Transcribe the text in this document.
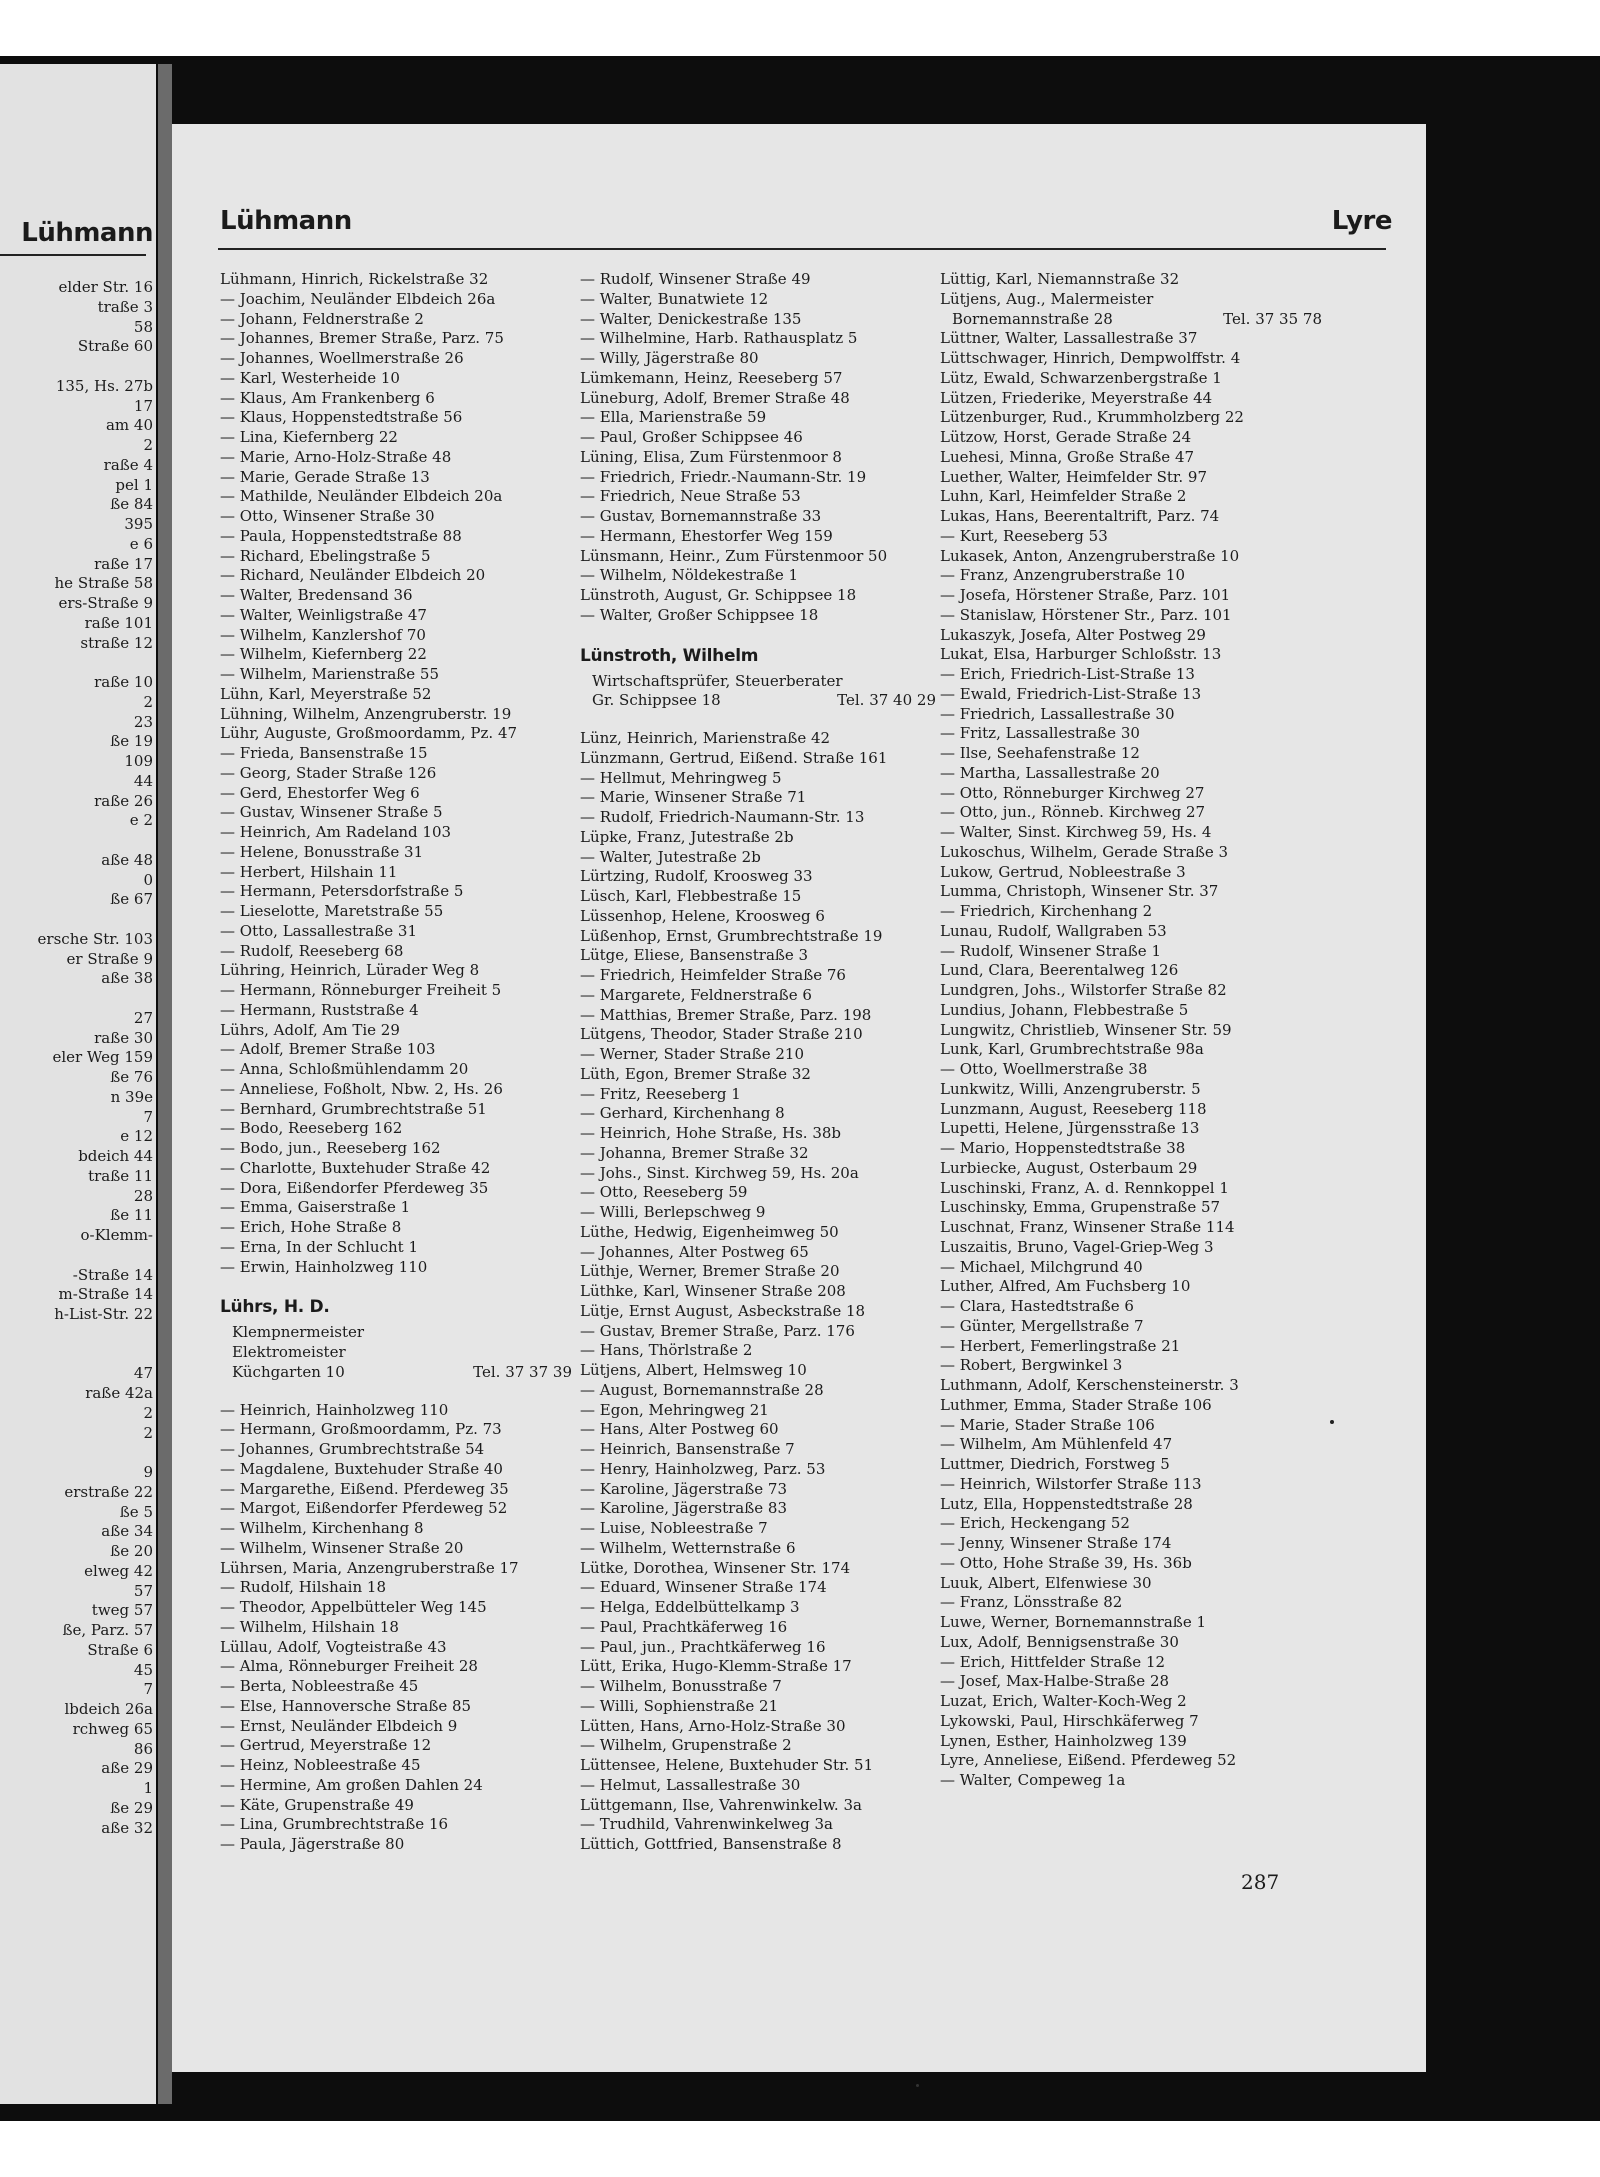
Lühmann
elder Str. 16
traße 3
58
Straße 60
135, Hs. 27b
17
am 40
2
raße 4
pel 1
ße 84
395
e 6
raße 17
he Straße 58
ers-Straße 9
raße 101
straße 12
raße 10
2
23
ße 19
109
44
raße 26
e 2
aße 48
0
ße 67
ersche Str. 103
er Straße 9
aße 38
27
raße 30
eler Weg 159
ße 76
n 39e
7
e 12
bdeich 44
traße 11
28
ße 11
o-Klemm-
-Straße 14
m-Straße 14
h-List-Str. 22
47
raße 42a
2
2
9
erstraße 22
ße 5
aße 34
ße 20
elweg 42
57
tweg 57
ße, Parz. 57
Straße 6
45
7
lbdeich 26a
rchweg 65
86
aße 29
1
ße 29
aße 32
Lühmann	Lyre
Lühmann, Hinrich, Rickelstraße 32
— Joachim, Neuländer Elbdeich 26a
— Johann, Feldnerstraße 2
— Johannes, Bremer Straße, Parz. 75
— Johannes, Woellmerstraße 26
— Karl, Westerheide 10
— Klaus, Am Frankenberg 6
— Klaus, Hoppenstedtstraße 56
— Lina, Kiefernberg 22
— Marie, Arno-Holz-Straße 48
— Marie, Gerade Straße 13
— Mathilde, Neuländer Elbdeich 20a
— Otto, Winsener Straße 30
— Paula, Hoppenstedtstraße 88
— Richard, Ebelingstraße 5
— Richard, Neuländer Elbdeich 20
— Walter, Bredensand 36
— Walter, Weinligstraße 47
— Wilhelm, Kanzlershof 70
— Wilhelm, Kiefernberg 22
— Wilhelm, Marienstraße 55
Lühn, Karl, Meyerstraße 52
Lühning, Wilhelm, Anzengruberstr. 19
Lühr, Auguste, Großmoordamm, Pz. 47
— Frieda, Bansenstraße 15
— Georg, Stader Straße 126
— Gerd, Ehestorfer Weg 6
— Gustav, Winsener Straße 5
— Heinrich, Am Radeland 103
— Helene, Bonusstraße 31
— Herbert, Hilshain 11
— Hermann, Petersdorfstraße 5
— Lieselotte, Maretstraße 55
— Otto, Lassallestraße 31
— Rudolf, Reeseberg 68
Lühring, Heinrich, Lürader Weg 8
— Hermann, Rönneburger Freiheit 5
— Hermann, Ruststraße 4
Lührs, Adolf, Am Tie 29
— Adolf, Bremer Straße 103
— Anna, Schloßmühlendamm 20
— Anneliese, Foßholt, Nbw. 2, Hs. 26
— Bernhard, Grumbrechtstraße 51
— Bodo, Reeseberg 162
— Bodo, jun., Reeseberg 162
— Charlotte, Buxtehuder Straße 42
— Dora, Eißendorfer Pferdeweg 35
— Emma, Gaiserstraße 1
— Erich, Hohe Straße 8
— Erna, In der Schlucht 1
— Erwin, Hainholzweg 110
Lührs, H. D.
Klempnermeister
Elektromeister
Küchgarten 10	Tel. 37 37 39
— Heinrich, Hainholzweg 110
— Hermann, Großmoordamm, Pz. 73
— Johannes, Grumbrechtstraße 54
— Magdalene, Buxtehuder Straße 40
— Margarethe, Eißend. Pferdeweg 35
— Margot, Eißendorfer Pferdeweg 52
— Wilhelm, Kirchenhang 8
— Wilhelm, Winsener Straße 20
Lührsen, Maria, Anzengruberstraße 17
— Rudolf, Hilshain 18
— Theodor, Appelbütteler Weg 145
— Wilhelm, Hilshain 18
Lüllau, Adolf, Vogteistraße 43
— Alma, Rönneburger Freiheit 28
— Berta, Nobleestraße 45
— Else, Hannoversche Straße 85
— Ernst, Neuländer Elbdeich 9
— Gertrud, Meyerstraße 12
— Heinz, Nobleestraße 45
— Hermine, Am großen Dahlen 24
— Käte, Grupenstraße 49
— Lina, Grumbrechtstraße 16
— Paula, Jägerstraße 80
— Rudolf, Winsener Straße 49
— Walter, Bunatwiete 12
— Walter, Denickestraße 135
— Wilhelmine, Harb. Rathausplatz 5
— Willy, Jägerstraße 80
Lümkemann, Heinz, Reeseberg 57
Lüneburg, Adolf, Bremer Straße 48
— Ella, Marienstraße 59
— Paul, Großer Schippsee 46
Lüning, Elisa, Zum Fürstenmoor 8
— Friedrich, Friedr.-Naumann-Str. 19
— Friedrich, Neue Straße 53
— Gustav, Bornemannstraße 33
— Hermann, Ehestorfer Weg 159
Lünsmann, Heinr., Zum Fürstenmoor 50
— Wilhelm, Nöldekestraße 1
Lünstroth, August, Gr. Schippsee 18
— Walter, Großer Schippsee 18
Lünstroth, Wilhelm
Wirtschaftsprüfer, Steuerberater
Gr. Schippsee 18	Tel. 37 40 29
Lünz, Heinrich, Marienstraße 42
Lünzmann, Gertrud, Eißend. Straße 161
— Hellmut, Mehringweg 5
— Marie, Winsener Straße 71
— Rudolf, Friedrich-Naumann-Str. 13
Lüpke, Franz, Jutestraße 2b
— Walter, Jutestraße 2b
Lürtzing, Rudolf, Kroosweg 33
Lüsch, Karl, Flebbestraße 15
Lüssenhop, Helene, Kroosweg 6
Lüßenhop, Ernst, Grumbrechtstraße 19
Lütge, Eliese, Bansenstraße 3
— Friedrich, Heimfelder Straße 76
— Margarete, Feldnerstraße 6
— Matthias, Bremer Straße, Parz. 198
Lütgens, Theodor, Stader Straße 210
— Werner, Stader Straße 210
Lüth, Egon, Bremer Straße 32
— Fritz, Reeseberg 1
— Gerhard, Kirchenhang 8
— Heinrich, Hohe Straße, Hs. 38b
— Johanna, Bremer Straße 32
— Johs., Sinst. Kirchweg 59, Hs. 20a
— Otto, Reeseberg 59
— Willi, Berlepschweg 9
Lüthe, Hedwig, Eigenheimweg 50
— Johannes, Alter Postweg 65
Lüthje, Werner, Bremer Straße 20
Lüthke, Karl, Winsener Straße 208
Lütje, Ernst August, Asbeckstraße 18
— Gustav, Bremer Straße, Parz. 176
— Hans, Thörlstraße 2
Lütjens, Albert, Helmsweg 10
— August, Bornemannstraße 28
— Egon, Mehringweg 21
— Hans, Alter Postweg 60
— Heinrich, Bansenstraße 7
— Henry, Hainholzweg, Parz. 53
— Karoline, Jägerstraße 73
— Karoline, Jägerstraße 83
— Luise, Nobleestraße 7
— Wilhelm, Wetternstraße 6
Lütke, Dorothea, Winsener Str. 174
— Eduard, Winsener Straße 174
— Helga, Eddelbüttelkamp 3
— Paul, Prachtkäferweg 16
— Paul, jun., Prachtkäferweg 16
Lütt, Erika, Hugo-Klemm-Straße 17
— Wilhelm, Bonusstraße 7
— Willi, Sophienstraße 21
Lütten, Hans, Arno-Holz-Straße 30
— Wilhelm, Grupenstraße 2
Lüttensee, Helene, Buxtehuder Str. 51
— Helmut, Lassallestraße 30
Lüttgemann, Ilse, Vahrenwinkelw. 3a
— Trudhild, Vahrenwinkelweg 3a
Lüttich, Gottfried, Bansenstraße 8
Lüttig, Karl, Niemannstraße 32
Lütjens, Aug., Malermeister
Bornemannstraße 28	Tel. 37 35 78
Lüttner, Walter, Lassallestraße 37
Lüttschwager, Hinrich, Dempwolffstr. 4
Lütz, Ewald, Schwarzenbergstraße 1
Lützen, Friederike, Meyerstraße 44
Lützenburger, Rud., Krummholzberg 22
Lützow, Horst, Gerade Straße 24
Luehesi, Minna, Große Straße 47
Luether, Walter, Heimfelder Str. 97
Luhn, Karl, Heimfelder Straße 2
Lukas, Hans, Beerentaltrift, Parz. 74
— Kurt, Reeseberg 53
Lukasek, Anton, Anzengruberstraße 10
— Franz, Anzengruberstraße 10
— Josefa, Hörstener Straße, Parz. 101
— Stanislaw, Hörstener Str., Parz. 101
Lukaszyk, Josefa, Alter Postweg 29
Lukat, Elsa, Harburger Schloßstr. 13
— Erich, Friedrich-List-Straße 13
— Ewald, Friedrich-List-Straße 13
— Friedrich, Lassallestraße 30
— Fritz, Lassallestraße 30
— Ilse, Seehafenstraße 12
— Martha, Lassallestraße 20
— Otto, Rönneburger Kirchweg 27
— Otto, jun., Rönneb. Kirchweg 27
— Walter, Sinst. Kirchweg 59, Hs. 4
Lukoschus, Wilhelm, Gerade Straße 3
Lukow, Gertrud, Nobleestraße 3
Lumma, Christoph, Winsener Str. 37
— Friedrich, Kirchenhang 2
Lunau, Rudolf, Wallgraben 53
— Rudolf, Winsener Straße 1
Lund, Clara, Beerentalweg 126
Lundgren, Johs., Wilstorfer Straße 82
Lundius, Johann, Flebbestraße 5
Lungwitz, Christlieb, Winsener Str. 59
Lunk, Karl, Grumbrechtstraße 98a
— Otto, Woellmerstraße 38
Lunkwitz, Willi, Anzengruberstr. 5
Lunzmann, August, Reeseberg 118
Lupetti, Helene, Jürgensstraße 13
— Mario, Hoppenstedtstraße 38
Lurbiecke, August, Osterbaum 29
Luschinski, Franz, A. d. Rennkoppel 1
Luschinsky, Emma, Grupenstraße 57
Luschnat, Franz, Winsener Straße 114
Luszaitis, Bruno, Vagel-Griep-Weg 3
— Michael, Milchgrund 40
Luther, Alfred, Am Fuchsberg 10
— Clara, Hastedtstraße 6
— Günter, Mergellstraße 7
— Herbert, Femerlingstraße 21
— Robert, Bergwinkel 3
Luthmann, Adolf, Kerschensteinerstr. 3
Luthmer, Emma, Stader Straße 106
— Marie, Stader Straße 106
— Wilhelm, Am Mühlenfeld 47
Luttmer, Diedrich, Forstweg 5
— Heinrich, Wilstorfer Straße 113
Lutz, Ella, Hoppenstedtstraße 28
— Erich, Heckengang 52
— Jenny, Winsener Straße 174
— Otto, Hohe Straße 39, Hs. 36b
Luuk, Albert, Elfenwiese 30
— Franz, Lönsstraße 82
Luwe, Werner, Bornemannstraße 1
Lux, Adolf, Bennigsenstraße 30
— Erich, Hittfelder Straße 12
— Josef, Max-Halbe-Straße 28
Luzat, Erich, Walter-Koch-Weg 2
Lykowski, Paul, Hirschkäferweg 7
Lynen, Esther, Hainholzweg 139
Lyre, Anneliese, Eißend. Pferdeweg 52
— Walter, Compeweg 1a
287
